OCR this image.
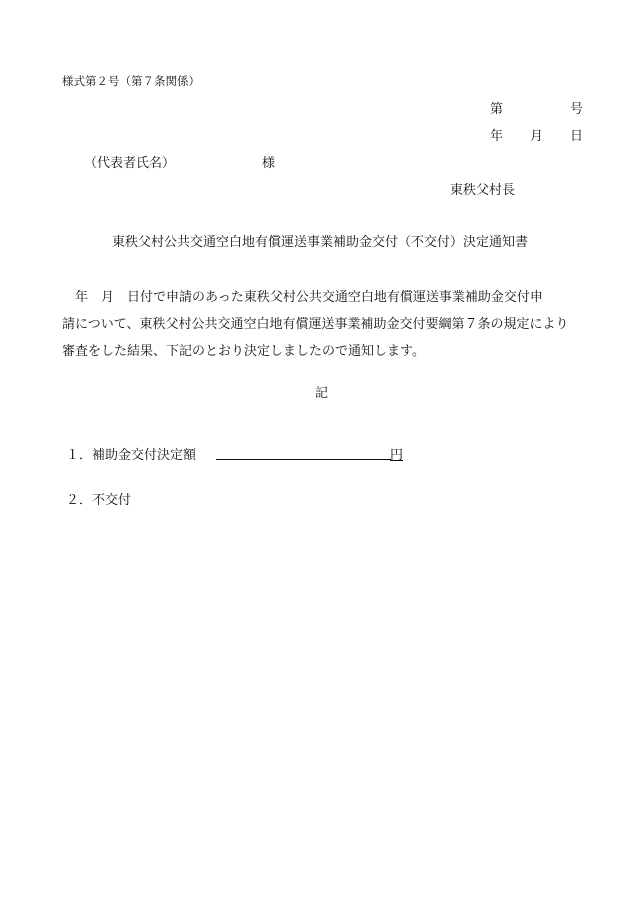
様式第２号（第７条関係）
第	号
年 月 日
（代表者氏名）	様
東秩父村長
東秩父村公共交通空白地有償運送事業補助金交付（不交付）決定通知書
　年　月　日付で申請のあった東秩父村公共交通空白地有償運送事業補助金交付申
請について、東秩父村公共交通空白地有償運送事業補助金交付要綱第７条の規定により
審査をした結果、下記のとおり決定しましたので通知します。
記
１．補助金交付決定額	円
２．不交付
